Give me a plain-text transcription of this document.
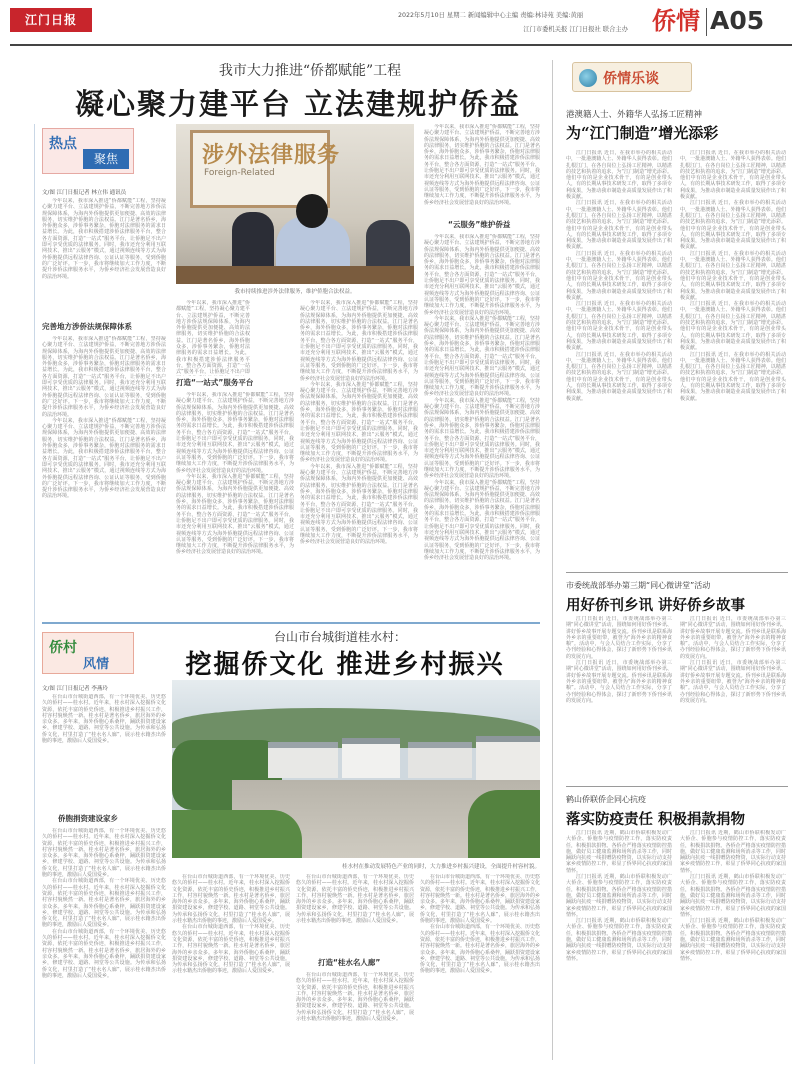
江门日报	2022年5月10日 星期二 新闻编辑中心主编 责编:林诗苑 美编:黄丽
江门市委机关报 江门日报社 联合主办 侨情 A05
我市大力推进“侨都赋能”工程
凝心聚力建平台 立法建规护侨益
热点
聚焦
文/图 江门日报记者 林立伟 通讯员
涉外法律服务
Foreign-Related
我市持续推进涉外法律服务，维护侨胞合法权益。

今年以来，我市深入推进“侨都赋能”工程，坚持凝心聚力建平台、立法建规护侨益，不断完善地方涉侨法规保障体系，为海内外侨胞提供更加便捷、高效的法律服务，切实维护侨胞的合法权益。江门是著名侨乡，海外侨胞众多，涉侨事务繁杂，侨胞对法律服务的需求日益增长。为此，我市积极搭建涉侨法律服务平台，整合各方面资源，打造“一站式”服务平台，让侨胞足不出户即可享受优质的法律服务。同时，我市还充分利用互联网技术，推出“云服务”模式，通过视频连线等方式为海外侨胞提供远程法律咨询、公证认证等服务，受到侨胞的广泛好评。下一步，我市将继续加大工作力度，不断提升涉侨法律服务水平，为侨乡经济社会发展营造良好的法治环境。

完善地方涉侨法规保障体系

今年以来，我市深入推进“侨都赋能”工程，坚持凝心聚力建平台、立法建规护侨益，不断完善地方涉侨法规保障体系，为海内外侨胞提供更加便捷、高效的法律服务，切实维护侨胞的合法权益。江门是著名侨乡，海外侨胞众多，涉侨事务繁杂，侨胞对法律服务的需求日益增长。为此，我市积极搭建涉侨法律服务平台，整合各方面资源，打造“一站式”服务平台，让侨胞足不出户即可享受优质的法律服务。同时，我市还充分利用互联网技术，推出“云服务”模式，通过视频连线等方式为海外侨胞提供远程法律咨询、公证认证等服务，受到侨胞的广泛好评。下一步，我市将继续加大工作力度，不断提升涉侨法律服务水平，为侨乡经济社会发展营造良好的法治环境。

今年以来，我市深入推进“侨都赋能”工程，坚持凝心聚力建平台、立法建规护侨益，不断完善地方涉侨法规保障体系，为海内外侨胞提供更加便捷、高效的法律服务，切实维护侨胞的合法权益。江门是著名侨乡，海外侨胞众多，涉侨事务繁杂，侨胞对法律服务的需求日益增长。为此，我市积极搭建涉侨法律服务平台，整合各方面资源，打造“一站式”服务平台，让侨胞足不出户即可享受优质的法律服务。同时，我市还充分利用互联网技术，推出“云服务”模式，通过视频连线等方式为海外侨胞提供远程法律咨询、公证认证等服务，受到侨胞的广泛好评。下一步，我市将继续加大工作力度，不断提升涉侨法律服务水平，为侨乡经济社会发展营造良好的法治环境。

今年以来，我市深入推进“侨都赋能”工程，坚持凝心聚力建平台、立法建规护侨益，不断完善地方涉侨法规保障体系，为海内外侨胞提供更加便捷、高效的法律服务，切实维护侨胞的合法权益。江门是著名侨乡，海外侨胞众多，涉侨事务繁杂，侨胞对法律服务的需求日益增长。为此，我市积极搭建涉侨法律服务平台，整合各方面资源，打造“一站式”服务平台，让侨胞足不出户即

打造“一站式”服务平台

今年以来，我市深入推进“侨都赋能”工程，坚持凝心聚力建平台、立法建规护侨益，不断完善地方涉侨法规保障体系，为海内外侨胞提供更加便捷、高效的法律服务，切实维护侨胞的合法权益。江门是著名侨乡，海外侨胞众多，涉侨事务繁杂，侨胞对法律服务的需求日益增长。为此，我市积极搭建涉侨法律服务平台，整合各方面资源，打造“一站式”服务平台，让侨胞足不出户即可享受优质的法律服务。同时，我市还充分利用互联网技术，推出“云服务”模式，通过视频连线等方式为海外侨胞提供远程法律咨询、公证认证等服务，受到侨胞的广泛好评。下一步，我市将继续加大工作力度，不断提升涉侨法律服务水平，为侨乡经济社会发展营造良好的法治环境。

今年以来，我市深入推进“侨都赋能”工程，坚持凝心聚力建平台、立法建规护侨益，不断完善地方涉侨法规保障体系，为海内外侨胞提供更加便捷、高效的法律服务，切实维护侨胞的合法权益。江门是著名侨乡，海外侨胞众多，涉侨事务繁杂，侨胞对法律服务的需求日益增长。为此，我市积极搭建涉侨法律服务平台，整合各方面资源，打造“一站式”服务平台，让侨胞足不出户即可享受优质的法律服务。同时，我市还充分利用互联网技术，推出“云服务”模式，通过视频连线等方式为海外侨胞提供远程法律咨询、公证认证等服务，受到侨胞的广泛好评。下一步，我市将继续加大工作力度，不断提升涉侨法律服务水平，为侨乡经济社会发展营造良好的法治环境。

今年以来，我市深入推进“侨都赋能”工程，坚持凝心聚力建平台、立法建规护侨益，不断完善地方涉侨法规保障体系，为海内外侨胞提供更加便捷、高效的法律服务，切实维护侨胞的合法权益。江门是著名侨乡，海外侨胞众多，涉侨事务繁杂，侨胞对法律服务的需求日益增长。为此，我市积极搭建涉侨法律服务平台，整合各方面资源，打造“一站式”服务平台，让侨胞足不出户即可享受优质的法律服务。同时，我市还充分利用互联网技术，推出“云服务”模式，通过视频连线等方式为海外侨胞提供远程法律咨询、公证认证等服务，受到侨胞的广泛好评。下一步，我市将继续加大工作力度，不断提升涉侨法律服务水平，为侨乡经济社会发展营造良好的法治环境。

今年以来，我市深入推进“侨都赋能”工程，坚持凝心聚力建平台、立法建规护侨益，不断完善地方涉侨法规保障体系，为海内外侨胞提供更加便捷、高效的法律服务，切实维护侨胞的合法权益。江门是著名侨乡，海外侨胞众多，涉侨事务繁杂，侨胞对法律服务的需求日益增长。为此，我市积极搭建涉侨法律服务平台，整合各方面资源，打造“一站式”服务平台，让侨胞足不出户即可享受优质的法律服务。同时，我市还充分利用互联网技术，推出“云服务”模式，通过视频连线等方式为海外侨胞提供远程法律咨询、公证认证等服务，受到侨胞的广泛好评。下一步，我市将继续加大工作力度，不断提升涉侨法律服务水平，为侨乡经济社会发展营造良好的法治环境。

今年以来，我市深入推进“侨都赋能”工程，坚持凝心聚力建平台、立法建规护侨益，不断完善地方涉侨法规保障体系，为海内外侨胞提供更加便捷、高效的法律服务，切实维护侨胞的合法权益。江门是著名侨乡，海外侨胞众多，涉侨事务繁杂，侨胞对法律服务的需求日益增长。为此，我市积极搭建涉侨法律服务平台，整合各方面资源，打造“一站式”服务平台，让侨胞足不出户即可享受优质的法律服务。同时，我市还充分利用互联网技术，推出“云服务”模式，通过视频连线等方式为海外侨胞提供远程法律咨询、公证认证等服务，受到侨胞的广泛好评。下一步，我市将继续加大工作力度，不断提升涉侨法律服务水平，为侨乡经济社会发展营造良好的法治环境。

今年以来，我市深入推进“侨都赋能”工程，坚持凝心聚力建平台、立法建规护侨益，不断完善地方涉侨法规保障体系，为海内外侨胞提供更加便捷、高效的法律服务，切实维护侨胞的合法权益。江门是著名侨乡，海外侨胞众多，涉侨事务繁杂，侨胞对法律服务的需求日益增长。为此，我市积极搭建涉侨法律服务平台，整合各方面资源，打造“一站式”服务平台，让侨胞足不出户即可享受优质的法律服务。同时，我市还充分利用互联网技术，推出“云服务”模式，通过视频连线等方式为海外侨胞提供远程法律咨询、公证认证等服务，受到侨胞的广泛好评。下一步，我市将继续加大工作力度，不断提升涉侨法律服务水平，为侨乡经济社会发展营造良好的法治环境。

“云服务”维护侨益

今年以来，我市深入推进“侨都赋能”工程，坚持凝心聚力建平台、立法建规护侨益，不断完善地方涉侨法规保障体系，为海内外侨胞提供更加便捷、高效的法律服务，切实维护侨胞的合法权益。江门是著名侨乡，海外侨胞众多，涉侨事务繁杂，侨胞对法律服务的需求日益增长。为此，我市积极搭建涉侨法律服务平台，整合各方面资源，打造“一站式”服务平台，让侨胞足不出户即可享受优质的法律服务。同时，我市还充分利用互联网技术，推出“云服务”模式，通过视频连线等方式为海外侨胞提供远程法律咨询、公证认证等服务，受到侨胞的广泛好评。下一步，我市将继续加大工作力度，不断提升涉侨法律服务水平，为侨乡经济社会发展营造良好的法治环境。

今年以来，我市深入推进“侨都赋能”工程，坚持凝心聚力建平台、立法建规护侨益，不断完善地方涉侨法规保障体系，为海内外侨胞提供更加便捷、高效的法律服务，切实维护侨胞的合法权益。江门是著名侨乡，海外侨胞众多，涉侨事务繁杂，侨胞对法律服务的需求日益增长。为此，我市积极搭建涉侨法律服务平台，整合各方面资源，打造“一站式”服务平台，让侨胞足不出户即可享受优质的法律服务。同时，我市还充分利用互联网技术，推出“云服务”模式，通过视频连线等方式为海外侨胞提供远程法律咨询、公证认证等服务，受到侨胞的广泛好评。下一步，我市将继续加大工作力度，不断提升涉侨法律服务水平，为侨乡经济社会发展营造良好的法治环境。

今年以来，我市深入推进“侨都赋能”工程，坚持凝心聚力建平台、立法建规护侨益，不断完善地方涉侨法规保障体系，为海内外侨胞提供更加便捷、高效的法律服务，切实维护侨胞的合法权益。江门是著名侨乡，海外侨胞众多，涉侨事务繁杂，侨胞对法律服务的需求日益增长。为此，我市积极搭建涉侨法律服务平台，整合各方面资源，打造“一站式”服务平台，让侨胞足不出户即可享受优质的法律服务。同时，我市还充分利用互联网技术，推出“云服务”模式，通过视频连线等方式为海外侨胞提供远程法律咨询、公证认证等服务，受到侨胞的广泛好评。下一步，我市将继续加大工作力度，不断提升涉侨法律服务水平，为侨乡经济社会发展营造良好的法治环境。

今年以来，我市深入推进“侨都赋能”工程，坚持凝心聚力建平台、立法建规护侨益，不断完善地方涉侨法规保障体系，为海内外侨胞提供更加便捷、高效的法律服务，切实维护侨胞的合法权益。江门是著名侨乡，海外侨胞众多，涉侨事务繁杂，侨胞对法律服务的需求日益增长。为此，我市积极搭建涉侨法律服务平台，整合各方面资源，打造“一站式”服务平台，让侨胞足不出户即可享受优质的法律服务。同时，我市还充分利用互联网技术，推出“云服务”模式，通过视频连线等方式为海外侨胞提供远程法律咨询、公证认证等服务，受到侨胞的广泛好评。下一步，我市将继续加大工作力度，不断提升涉侨法律服务水平，为侨乡经济社会发展营造良好的法治环境。

侨情乐谈
港澳籍人士、外籍华人弘扬工匠精神
为“江门制造”增光添彩

江门日报讯 近日，在我市举办的相关活动中，一批港澳籍人士、外籍华人获得表彰。他们扎根江门，在各自岗位上弘扬工匠精神，以精湛的技艺和执着的追求，为“江门制造”增光添彩。他们中有的是企业技术骨干，有的是创业带头人，有的长期从事技术研发工作，取得了多项专利成果，为推动我市制造业高质量发展作出了积极贡献。

江门日报讯 近日，在我市举办的相关活动中，一批港澳籍人士、外籍华人获得表彰。他们扎根江门，在各自岗位上弘扬工匠精神，以精湛的技艺和执着的追求，为“江门制造”增光添彩。他们中有的是企业技术骨干，有的是创业带头人，有的长期从事技术研发工作，取得了多项专利成果，为推动我市制造业高质量发展作出了积极贡献。

江门日报讯 近日，在我市举办的相关活动中，一批港澳籍人士、外籍华人获得表彰。他们扎根江门，在各自岗位上弘扬工匠精神，以精湛的技艺和执着的追求，为“江门制造”增光添彩。他们中有的是企业技术骨干，有的是创业带头人，有的长期从事技术研发工作，取得了多项专利成果，为推动我市制造业高质量发展作出了积极贡献。

江门日报讯 近日，在我市举办的相关活动中，一批港澳籍人士、外籍华人获得表彰。他们扎根江门，在各自岗位上弘扬工匠精神，以精湛的技艺和执着的追求，为“江门制造”增光添彩。他们中有的是企业技术骨干，有的是创业带头人，有的长期从事技术研发工作，取得了多项专利成果，为推动我市制造业高质量发展作出了积极贡献。

江门日报讯 近日，在我市举办的相关活动中，一批港澳籍人士、外籍华人获得表彰。他们扎根江门，在各自岗位上弘扬工匠精神，以精湛的技艺和执着的追求，为“江门制造”增光添彩。他们中有的是企业技术骨干，有的是创业带头人，有的长期从事技术研发工作，取得了多项专利成果，为推动我市制造业高质量发展作出了积极贡献。

江门日报讯 近日，在我市举办的相关活动中，一批港澳籍人士、外籍华人获得表彰。他们扎根江门，在各自岗位上弘扬工匠精神，以精湛的技艺和执着的追求，为“江门制造”增光添彩。他们中有的是企业技术骨干，有的是创业带头人，有的长期从事技术研发工作，取得了多项专利成果，为推动我市制造业高质量发展作出了积极贡献。

江门日报讯 近日，在我市举办的相关活动中，一批港澳籍人士、外籍华人获得表彰。他们扎根江门，在各自岗位上弘扬工匠精神，以精湛的技艺和执着的追求，为“江门制造”增光添彩。他们中有的是企业技术骨干，有的是创业带头人，有的长期从事技术研发工作，取得了多项专利成果，为推动我市制造业高质量发展作出了积极贡献。

江门日报讯 近日，在我市举办的相关活动中，一批港澳籍人士、外籍华人获得表彰。他们扎根江门，在各自岗位上弘扬工匠精神，以精湛的技艺和执着的追求，为“江门制造”增光添彩。他们中有的是企业技术骨干，有的是创业带头人，有的长期从事技术研发工作，取得了多项专利成果，为推动我市制造业高质量发展作出了积极贡献。

江门日报讯 近日，在我市举办的相关活动中，一批港澳籍人士、外籍华人获得表彰。他们扎根江门，在各自岗位上弘扬工匠精神，以精湛的技艺和执着的追求，为“江门制造”增光添彩。他们中有的是企业技术骨干，有的是创业带头人，有的长期从事技术研发工作，取得了多项专利成果，为推动我市制造业高质量发展作出了积极贡献。

江门日报讯 近日，在我市举办的相关活动中，一批港澳籍人士、外籍华人获得表彰。他们扎根江门，在各自岗位上弘扬工匠精神，以精湛的技艺和执着的追求，为“江门制造”增光添彩。他们中有的是企业技术骨干，有的是创业带头人，有的长期从事技术研发工作，取得了多项专利成果，为推动我市制造业高质量发展作出了积极贡献。

市委统战部举办第三期“同心微讲堂”活动
用好侨刊乡讯 讲好侨乡故事

江门日报讯 近日，市委统战部举办第三期“同心微讲堂”活动，围绕如何用好侨刊乡讯、讲好侨乡故事开展专题交流。侨刊乡讯是联系海外乡亲的重要纽带，被誉为“海外乡亲的精神食粮”。活动中，与会人员结合工作实际，分享了办刊经验和心得体会，探讨了新形势下侨刊乡讯的发展方向。

江门日报讯 近日，市委统战部举办第三期“同心微讲堂”活动，围绕如何用好侨刊乡讯、讲好侨乡故事开展专题交流。侨刊乡讯是联系海外乡亲的重要纽带，被誉为“海外乡亲的精神食粮”。活动中，与会人员结合工作实际，分享了办刊经验和心得体会，探讨了新形势下侨刊乡讯的发展方向。

江门日报讯 近日，市委统战部举办第三期“同心微讲堂”活动，围绕如何用好侨刊乡讯、讲好侨乡故事开展专题交流。侨刊乡讯是联系海外乡亲的重要纽带，被誉为“海外乡亲的精神食粮”。活动中，与会人员结合工作实际，分享了办刊经验和心得体会，探讨了新形势下侨刊乡讯的发展方向。

江门日报讯 近日，市委统战部举办第三期“同心微讲堂”活动，围绕如何用好侨刊乡讯、讲好侨乡故事开展专题交流。侨刊乡讯是联系海外乡亲的重要纽带，被誉为“海外乡亲的精神食粮”。活动中，与会人员结合工作实际，分享了办刊经验和心得体会，探讨了新形势下侨刊乡讯的发展方向。

鹤山侨联侨企同心抗疫
落实防疫责任 积极捐款捐物

江门日报讯 近期，鹤山市侨联积极发动广大侨企、侨胞参与疫情防控工作，落实防疫责任，积极捐款捐物。各侨企严格落实疫情防控措施，做好员工健康监测和场所消杀等工作，同时踊跃向抗疫一线捐赠防疫物资，以实际行动支持家乡疫情防控工作，彰显了侨界同心抗疫的家国情怀。

江门日报讯 近期，鹤山市侨联积极发动广大侨企、侨胞参与疫情防控工作，落实防疫责任，积极捐款捐物。各侨企严格落实疫情防控措施，做好员工健康监测和场所消杀等工作，同时踊跃向抗疫一线捐赠防疫物资，以实际行动支持家乡疫情防控工作，彰显了侨界同心抗疫的家国情怀。

江门日报讯 近期，鹤山市侨联积极发动广大侨企、侨胞参与疫情防控工作，落实防疫责任，积极捐款捐物。各侨企严格落实疫情防控措施，做好员工健康监测和场所消杀等工作，同时踊跃向抗疫一线捐赠防疫物资，以实际行动支持家乡疫情防控工作，彰显了侨界同心抗疫的家国情怀。

江门日报讯 近期，鹤山市侨联积极发动广大侨企、侨胞参与疫情防控工作，落实防疫责任，积极捐款捐物。各侨企严格落实疫情防控措施，做好员工健康监测和场所消杀等工作，同时踊跃向抗疫一线捐赠防疫物资，以实际行动支持家乡疫情防控工作，彰显了侨界同心抗疫的家国情怀。

江门日报讯 近期，鹤山市侨联积极发动广大侨企、侨胞参与疫情防控工作，落实防疫责任，积极捐款捐物。各侨企严格落实疫情防控措施，做好员工健康监测和场所消杀等工作，同时踊跃向抗疫一线捐赠防疫物资，以实际行动支持家乡疫情防控工作，彰显了侨界同心抗疫的家国情怀。

江门日报讯 近期，鹤山市侨联积极发动广大侨企、侨胞参与疫情防控工作，落实防疫责任，积极捐款捐物。各侨企严格落实疫情防控措施，做好员工健康监测和场所消杀等工作，同时踊跃向抗疫一线捐赠防疫物资，以实际行动支持家乡疫情防控工作，彰显了侨界同心抗疫的家国情怀。

侨村
风情
台山市台城街道桂水村：
挖掘侨文化 推进乡村振兴
文/图 江门日报记者 李燕玲
桂水村在推动发展特色产业的同时，大力推进乡村振兴建设，全面提升村容村貌。

在台山市台城街道西部，有一个环境优美、历史悠久的侨村——桂水村。近年来，桂水村深入挖掘侨文化资源，依托丰富的侨史侨迹，积极推进乡村振兴工作，村容村貌焕然一新。桂水村是著名侨乡，旅居海外的乡亲众多。多年来，海外侨胞心系桑梓，踊跃捐资建设家乡，修建学校、道路、祠堂等公共设施。为传承和弘扬侨文化，村里打造了“桂水名人廊”，展示桂水籍杰出侨胞的事迹，激励后人爱国爱乡。

侨胞捐资建设家乡

在台山市台城街道西部，有一个环境优美、历史悠久的侨村——桂水村。近年来，桂水村深入挖掘侨文化资源，依托丰富的侨史侨迹，积极推进乡村振兴工作，村容村貌焕然一新。桂水村是著名侨乡，旅居海外的乡亲众多。多年来，海外侨胞心系桑梓，踊跃捐资建设家乡，修建学校、道路、祠堂等公共设施。为传承和弘扬侨文化，村里打造了“桂水名人廊”，展示桂水籍杰出侨胞的事迹，激励后人爱国爱乡。

在台山市台城街道西部，有一个环境优美、历史悠久的侨村——桂水村。近年来，桂水村深入挖掘侨文化资源，依托丰富的侨史侨迹，积极推进乡村振兴工作，村容村貌焕然一新。桂水村是著名侨乡，旅居海外的乡亲众多。多年来，海外侨胞心系桑梓，踊跃捐资建设家乡，修建学校、道路、祠堂等公共设施。为传承和弘扬侨文化，村里打造了“桂水名人廊”，展示桂水籍杰出侨胞的事迹，激励后人爱国爱乡。

在台山市台城街道西部，有一个环境优美、历史悠久的侨村——桂水村。近年来，桂水村深入挖掘侨文化资源，依托丰富的侨史侨迹，积极推进乡村振兴工作，村容村貌焕然一新。桂水村是著名侨乡，旅居海外的乡亲众多。多年来，海外侨胞心系桑梓，踊跃捐资建设家乡，修建学校、道路、祠堂等公共设施。为传承和弘扬侨文化，村里打造了“桂水名人廊”，展示桂水籍杰出侨胞的事迹，激励后人爱国爱乡。

在台山市台城街道西部，有一个环境优美、历史悠久的侨村——桂水村。近年来，桂水村深入挖掘侨文化资源，依托丰富的侨史侨迹，积极推进乡村振兴工作，村容村貌焕然一新。桂水村是著名侨乡，旅居海外的乡亲众多。多年来，海外侨胞心系桑梓，踊跃捐资建设家乡，修建学校、道路、祠堂等公共设施。为传承和弘扬侨文化，村里打造了“桂水名人廊”，展示桂水籍杰出侨胞的事迹，激励后人爱国爱乡。

在台山市台城街道西部，有一个环境优美、历史悠久的侨村——桂水村。近年来，桂水村深入挖掘侨文化资源，依托丰富的侨史侨迹，积极推进乡村振兴工作，村容村貌焕然一新。桂水村是著名侨乡，旅居海外的乡亲众多。多年来，海外侨胞心系桑梓，踊跃捐资建设家乡，修建学校、道路、祠堂等公共设施。为传承和弘扬侨文化，村里打造了“桂水名人廊”，展示桂水籍杰出侨胞的事迹，激励后人爱国爱乡。

在台山市台城街道西部，有一个环境优美、历史悠久的侨村——桂水村。近年来，桂水村深入挖掘侨文化资源，依托丰富的侨史侨迹，积极推进乡村振兴工作，村容村貌焕然一新。桂水村是著名侨乡，旅居海外的乡亲众多。多年来，海外侨胞心系桑梓，踊跃捐资建设家乡，修建学校、道路、祠堂等公共设施。为传承和弘扬侨文化，村里打造了“桂水名人廊”，展示桂水籍杰出侨胞的事迹，激励后人爱国爱乡。

打造“桂水名人廊”

在台山市台城街道西部，有一个环境优美、历史悠久的侨村——桂水村。近年来，桂水村深入挖掘侨文化资源，依托丰富的侨史侨迹，积极推进乡村振兴工作，村容村貌焕然一新。桂水村是著名侨乡，旅居海外的乡亲众多。多年来，海外侨胞心系桑梓，踊跃捐资建设家乡，修建学校、道路、祠堂等公共设施。为传承和弘扬侨文化，村里打造了“桂水名人廊”，展示桂水籍杰出侨胞的事迹，激励后人爱国爱乡。

在台山市台城街道西部，有一个环境优美、历史悠久的侨村——桂水村。近年来，桂水村深入挖掘侨文化资源，依托丰富的侨史侨迹，积极推进乡村振兴工作，村容村貌焕然一新。桂水村是著名侨乡，旅居海外的乡亲众多。多年来，海外侨胞心系桑梓，踊跃捐资建设家乡，修建学校、道路、祠堂等公共设施。为传承和弘扬侨文化，村里打造了“桂水名人廊”，展示桂水籍杰出侨胞的事迹，激励后人爱国爱乡。

在台山市台城街道西部，有一个环境优美、历史悠久的侨村——桂水村。近年来，桂水村深入挖掘侨文化资源，依托丰富的侨史侨迹，积极推进乡村振兴工作，村容村貌焕然一新。桂水村是著名侨乡，旅居海外的乡亲众多。多年来，海外侨胞心系桑梓，踊跃捐资建设家乡，修建学校、道路、祠堂等公共设施。为传承和弘扬侨文化，村里打造了“桂水名人廊”，展示桂水籍杰出侨胞的事迹，激励后人爱国爱乡。
